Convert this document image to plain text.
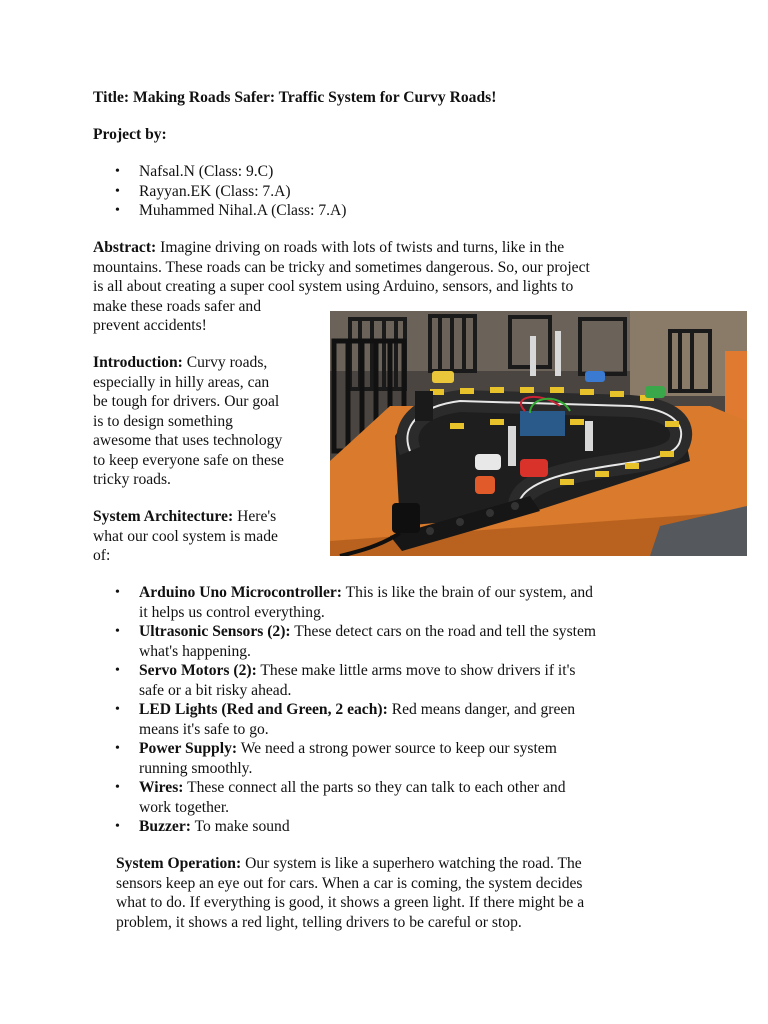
Title: Making Roads Safer: Traffic System for Curvy Roads!

Project by:

• Nafsal.N (Class: 9.C)
• Rayyan.EK (Class: 7.A)
• Muhammed Nihal.A (Class: 7.A)
Abstract: Imagine driving on roads with lots of twists and turns, like in the
mountains. These roads can be tricky and sometimes dangerous. So, our project
is all about creating a super cool system using Arduino, sensors, and lights to
make these roads safer and
prevent accidents!
Introduction: Curvy roads,
especially in hilly areas, can
be tough for drivers. Our goal
is to design something
awesome that uses technology
to keep everyone safe on these
tricky roads.
System Architecture: Here's
what our cool system is made
of:
• Arduino Uno Microcontroller: This is like the brain of our system, and
it helps us control everything.
• Ultrasonic Sensors (2): These detect cars on the road and tell the system
what's happening.
• Servo Motors (2): These make little arms move to show drivers if it's
safe or a bit risky ahead.
• LED Lights (Red and Green, 2 each): Red means danger, and green
means it's safe to go.
• Power Supply: We need a strong power source to keep our system
running smoothly.
• Wires: These connect all the parts so they can talk to each other and
work together.
• Buzzer: To make sound
System Operation: Our system is like a superhero watching the road. The
sensors keep an eye out for cars. When a car is coming, the system decides
what to do. If everything is good, it shows a green light. If there might be a
problem, it shows a red light, telling drivers to be careful or stop.
